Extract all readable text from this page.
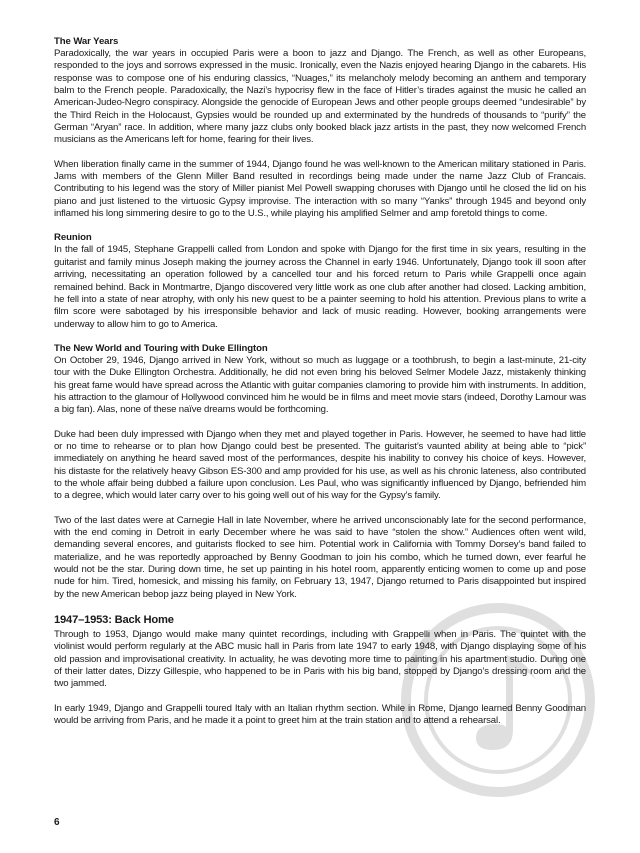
The War Years

Paradoxically, the war years in occupied Paris were a boon to jazz and Django. The French, as well as other Europeans, responded to the joys and sorrows expressed in the music. Ironically, even the Nazis enjoyed hearing Django in the cabarets. His response was to compose one of his enduring classics, “Nuages,” its melancholy melody becoming an anthem and temporary balm to the French people. Paradoxically, the Nazi’s hypocrisy flew in the face of Hitler’s tirades against the music he called an American-Judeo-Negro conspiracy. Alongside the genocide of European Jews and other people groups deemed “undesirable” by the Third Reich in the Holocaust, Gypsies would be rounded up and exterminated by the hundreds of thousands to “purify” the German “Aryan” race. In addition, where many jazz clubs only booked black jazz artists in the past, they now welcomed French musicians as the Americans left for home, fearing for their lives.

When liberation finally came in the summer of 1944, Django found he was well-known to the American military stationed in Paris. Jams with members of the Glenn Miller Band resulted in recordings being made under the name Jazz Club of Francais. Contributing to his legend was the story of Miller pianist Mel Powell swapping choruses with Django until he closed the lid on his piano and just listened to the virtuosic Gypsy improvise. The interaction with so many “Yanks” through 1945 and beyond only inflamed his long simmering desire to go to the U.S., while playing his amplified Selmer and amp foretold things to come.

Reunion

In the fall of 1945, Stephane Grappelli called from London and spoke with Django for the first time in six years, resulting in the guitarist and family minus Joseph making the journey across the Channel in early 1946. Unfortunately, Django took ill soon after arriving, necessitating an operation followed by a cancelled tour and his forced return to Paris while Grappelli once again remained behind. Back in Montmartre, Django discovered very little work as one club after another had closed. Lacking ambition, he fell into a state of near atrophy, with only his new quest to be a painter seeming to hold his attention. Previous plans to write a film score were sabotaged by his irresponsible behavior and lack of music reading. However, booking arrangements were underway to allow him to go to America.

The New World and Touring with Duke Ellington

On October 29, 1946, Django arrived in New York, without so much as luggage or a toothbrush, to begin a last-minute, 21-city tour with the Duke Ellington Orchestra. Additionally, he did not even bring his beloved Selmer Modele Jazz, mistakenly thinking his great fame would have spread across the Atlantic with guitar companies clamoring to provide him with instruments. In addition, his attraction to the glamour of Hollywood convinced him he would be in films and meet movie stars (indeed, Dorothy Lamour was a big fan). Alas, none of these naïve dreams would be forthcoming.

Duke had been duly impressed with Django when they met and played together in Paris. However, he seemed to have had little or no time to rehearse or to plan how Django could best be presented. The guitarist’s vaunted ability at being able to “pick” immediately on anything he heard saved most of the performances, despite his inability to convey his choice of keys. However, his distaste for the relatively heavy Gibson ES-300 and amp provided for his use, as well as his chronic lateness, also contributed to the whole affair being dubbed a failure upon conclusion. Les Paul, who was significantly influenced by Django, befriended him to a degree, which would later carry over to his going well out of his way for the Gypsy’s family.

Two of the last dates were at Carnegie Hall in late November, where he arrived unconscionably late for the second performance, with the end coming in Detroit in early December where he was said to have “stolen the show.” Audiences often went wild, demanding several encores, and guitarists flocked to see him. Potential work in California with Tommy Dorsey’s band failed to materialize, and he was reportedly approached by Benny Goodman to join his combo, which he turned down, ever fearful he would not be the star. During down time, he set up painting in his hotel room, apparently enticing women to come up and pose nude for him. Tired, homesick, and missing his family, on February 13, 1947, Django returned to Paris disappointed but inspired by the new American bebop jazz being played in New York.

1947–1953: Back Home

Through to 1953, Django would make many quintet recordings, including with Grappelli when in Paris. The quintet with the violinist would perform regularly at the ABC music hall in Paris from late 1947 to early 1948, with Django displaying some of his old passion and improvisational creativity. In actuality, he was devoting more time to painting in his apartment studio. During one of their latter dates, Dizzy Gillespie, who happened to be in Paris with his big band, stopped by Django’s dressing room and the two jammed.

In early 1949, Django and Grappelli toured Italy with an Italian rhythm section. While in Rome, Django learned Benny Goodman would be arriving from Paris, and he made it a point to greet him at the train station and to attend a rehearsal.

6
